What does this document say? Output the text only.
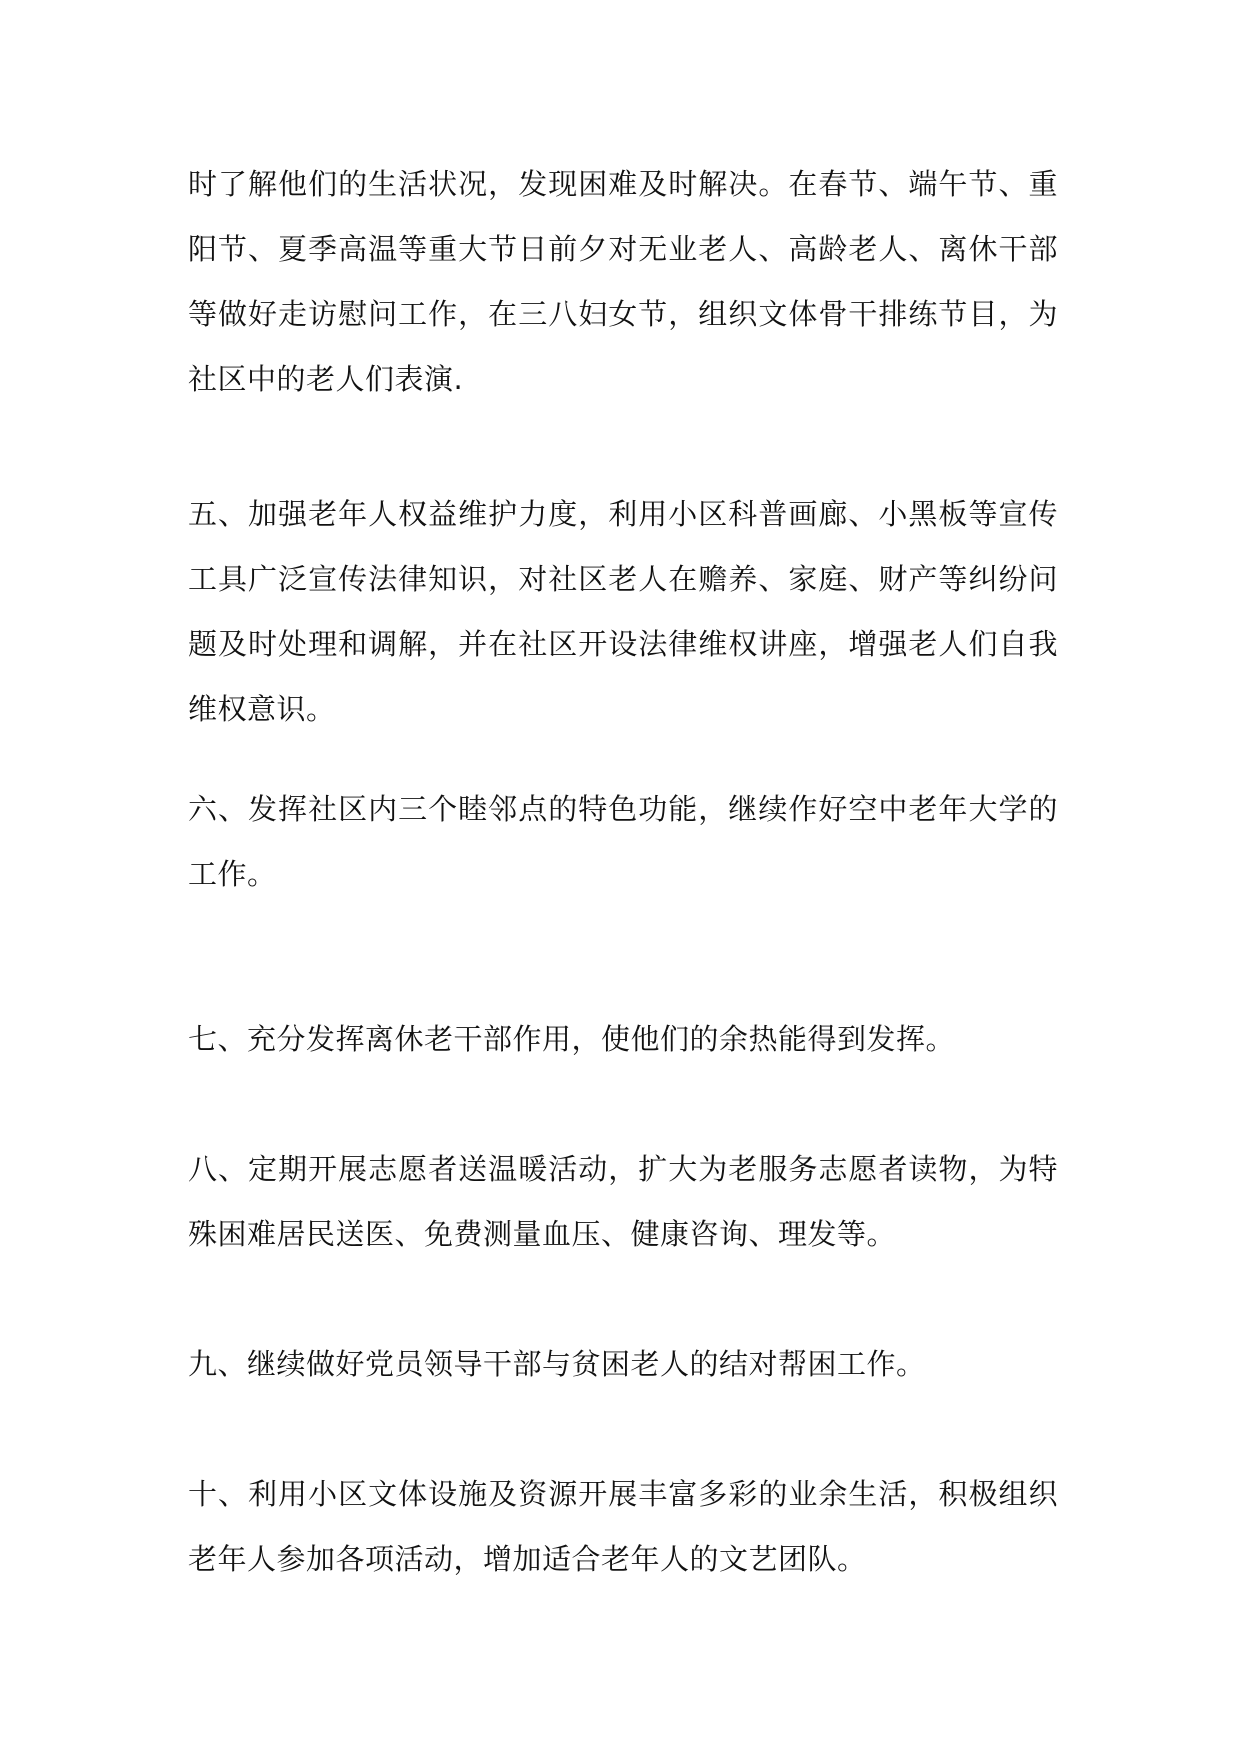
时了解他们的生活状况，发现困难及时解决。在春节、端午节、重阳节、夏季高温等重大节日前夕对无业老人、高龄老人、离休干部等做好走访慰问工作，在三八妇女节，组织文体骨干排练节目，为社区中的老人们表演.

五、加强老年人权益维护力度，利用小区科普画廊、小黑板等宣传工具广泛宣传法律知识，对社区老人在赡养、家庭、财产等纠纷问题及时处理和调解，并在社区开设法律维权讲座，增强老人们自我维权意识。

六、发挥社区内三个睦邻点的特色功能，继续作好空中老年大学的工作。

七、充分发挥离休老干部作用，使他们的余热能得到发挥。

八、定期开展志愿者送温暖活动，扩大为老服务志愿者读物，为特殊困难居民送医、免费测量血压、健康咨询、理发等。

九、继续做好党员领导干部与贫困老人的结对帮困工作。

十、利用小区文体设施及资源开展丰富多彩的业余生活，积极组织老年人参加各项活动，增加适合老年人的文艺团队。
